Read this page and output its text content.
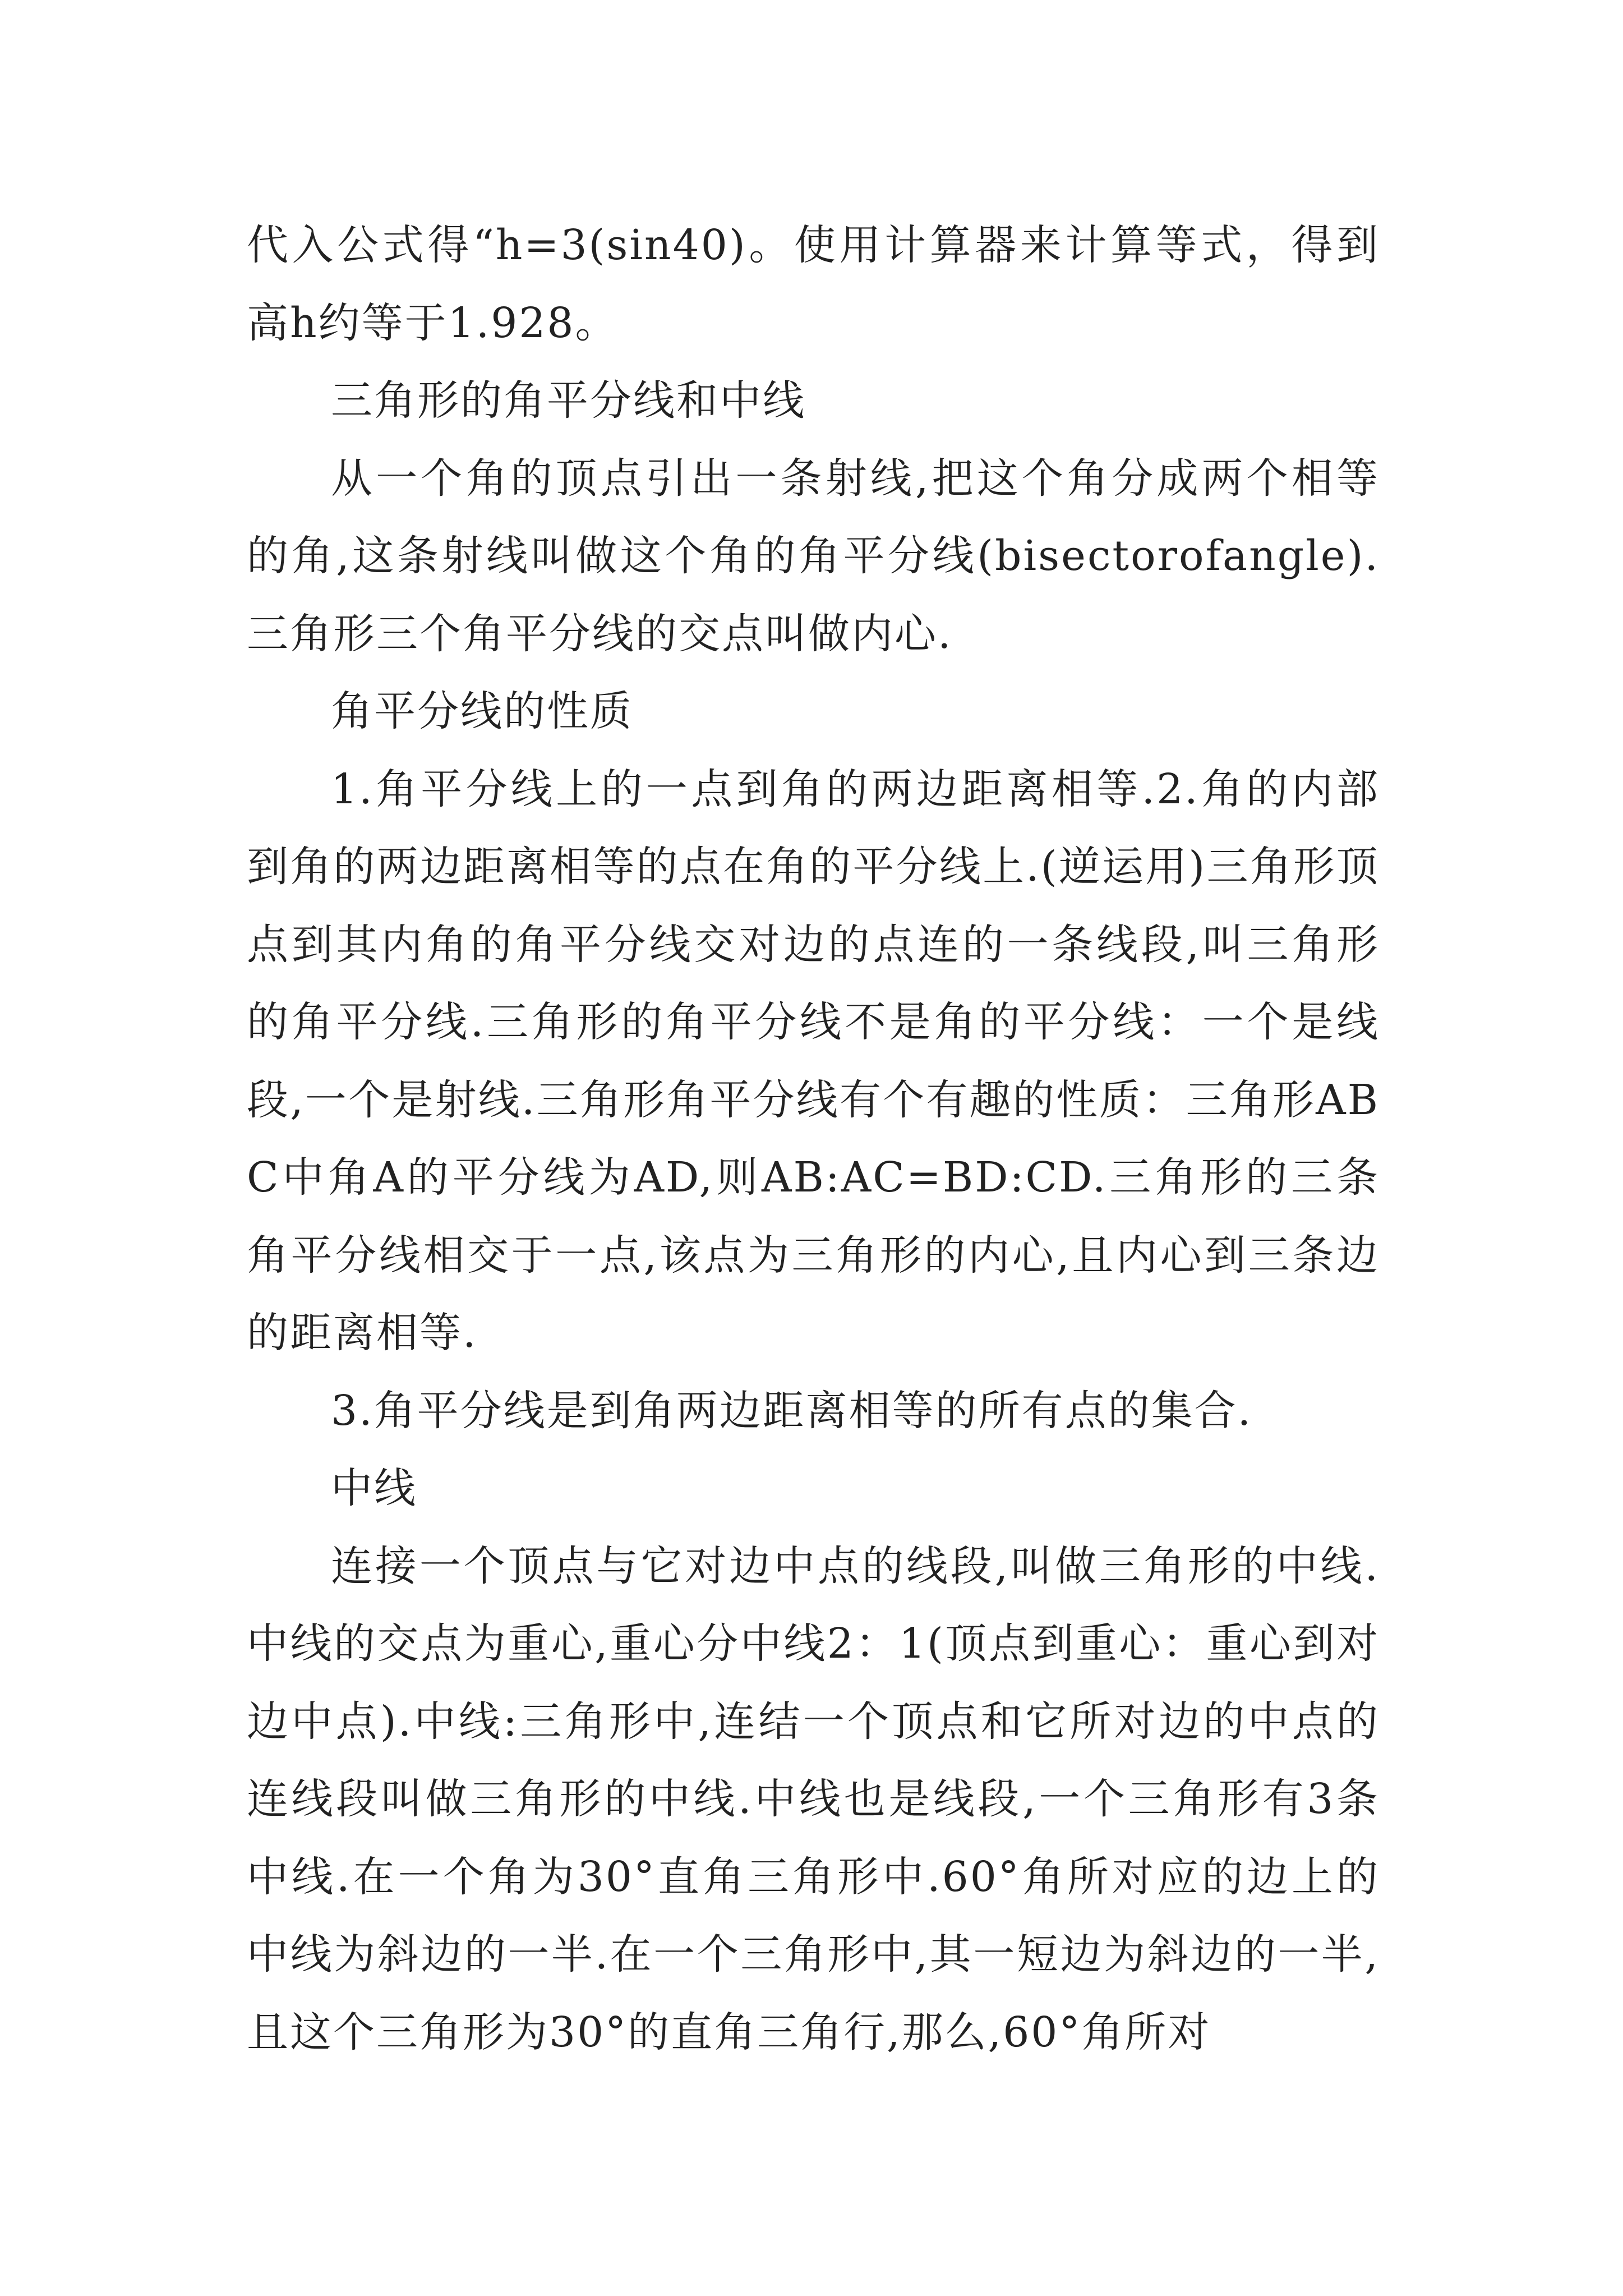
代入公式得“h=3(sin40)。使用计算器来计算等式，得到高h约等于1.928。

三角形的角平分线和中线

从一个角的顶点引出一条射线,把这个角分成两个相等的角,这条射线叫做这个角的角平分线(bisectorofangle).三角形三个角平分线的交点叫做内心.

角平分线的性质

1.角平分线上的一点到角的两边距离相等.2.角的内部到角的两边距离相等的点在角的平分线上.(逆运用)三角形顶点到其内角的角平分线交对边的点连的一条线段,叫三角形的角平分线.三角形的角平分线不是角的平分线：一个是线段,一个是射线.三角形角平分线有个有趣的性质：三角形ABC中角A的平分线为AD,则AB:AC=BD:CD.三角形的三条角平分线相交于一点,该点为三角形的内心,且内心到三条边的距离相等.

3.角平分线是到角两边距离相等的所有点的集合.

中线

连接一个顶点与它对边中点的线段,叫做三角形的中线.中线的交点为重心,重心分中线2：1(顶点到重心：重心到对边中点).中线:三角形中,连结一个顶点和它所对边的中点的连线段叫做三角形的中线.中线也是线段,一个三角形有3条中线.在一个角为30°直角三角形中.60°角所对应的边上的中线为斜边的一半.在一个三角形中,其一短边为斜边的一半,且这个三角形为30°的直角三角行,那么,60°角所对
